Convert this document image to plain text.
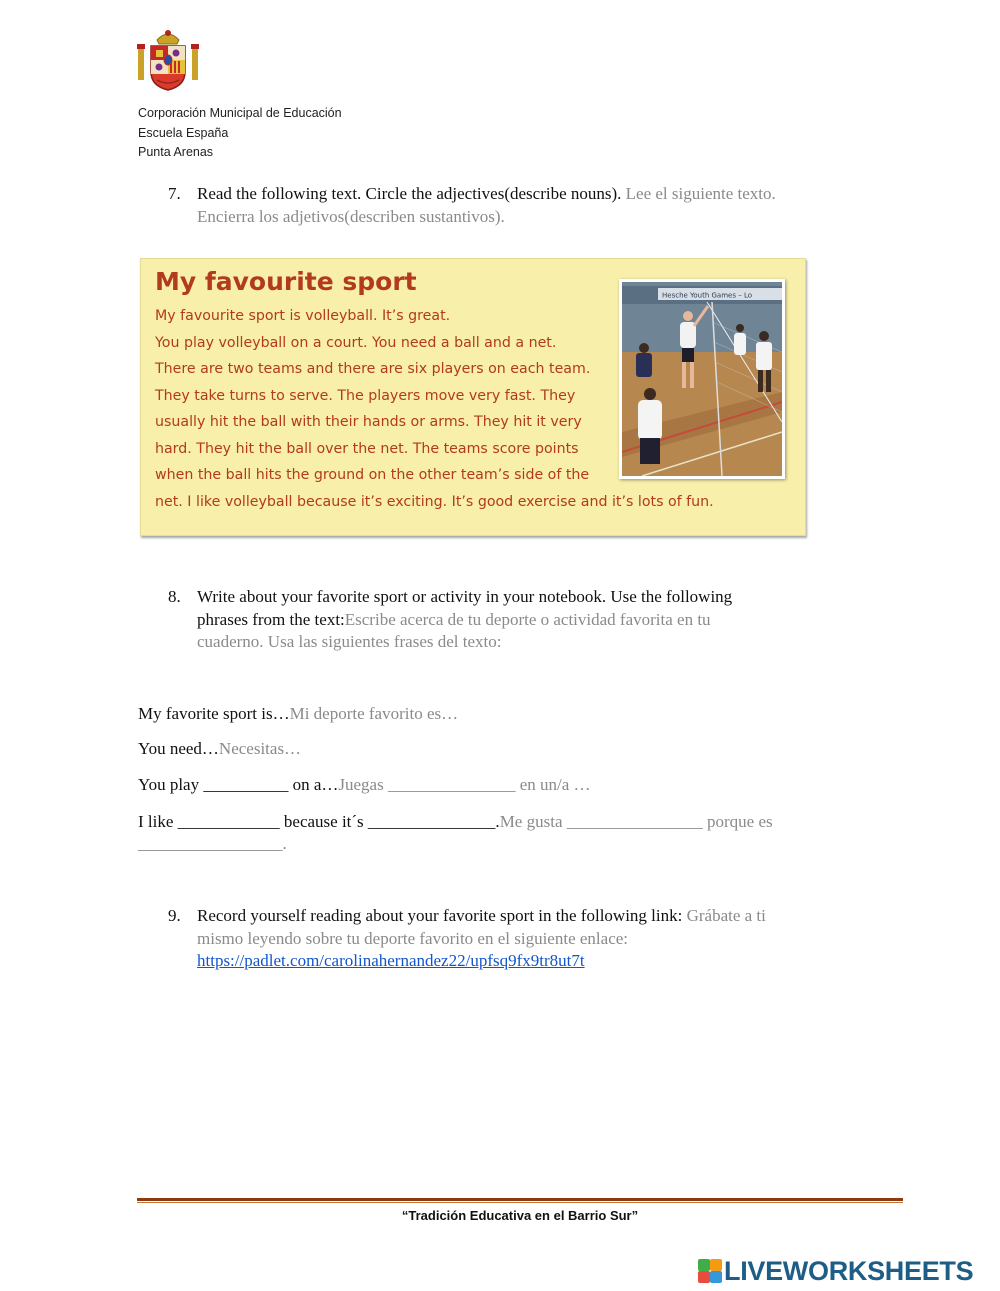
Corporación Municipal de Educación
Escuela España
Punta Arenas
7. Read the following text. Circle the adjectives(describe nouns). Lee el siguiente texto.
Encierra los adjetivos(describen sustantivos).
My favourite sport
My favourite sport is volleyball. It’s great.
You play volleyball on a court. You need a ball and a net.
There are two teams and there are six players on each team.
They take turns to serve. The players move very fast. They
usually hit the ball with their hands or arms. They hit it very
hard. They hit the ball over the net. The teams score points
when the ball hits the ground on the other team’s side of the
net. I like volleyball because it’s exciting. It’s good exercise and it’s lots of fun.
Hesche Youth Games – Lo
8. Write about your favorite sport or activity in your notebook. Use the following
phrases from the text:Escribe acerca de tu deporte o actividad favorita en tu
cuaderno. Usa las siguientes frases del texto:
My favorite sport is…Mi deporte favorito es…
You need…Necesitas…
You play __________ on a…Juegas _______________ en un/a …
I like ____________ because it´s _______________.Me gusta ________________ porque es
_________________.
9. Record yourself reading about your favorite sport in the following link: Grábate a ti
mismo leyendo sobre tu deporte favorito en el siguiente enlace:
https://padlet.com/carolinahernandez22/upfsq9fx9tr8ut7t
“Tradición Educativa en el Barrio Sur”
LIVEWORKSHEETS
